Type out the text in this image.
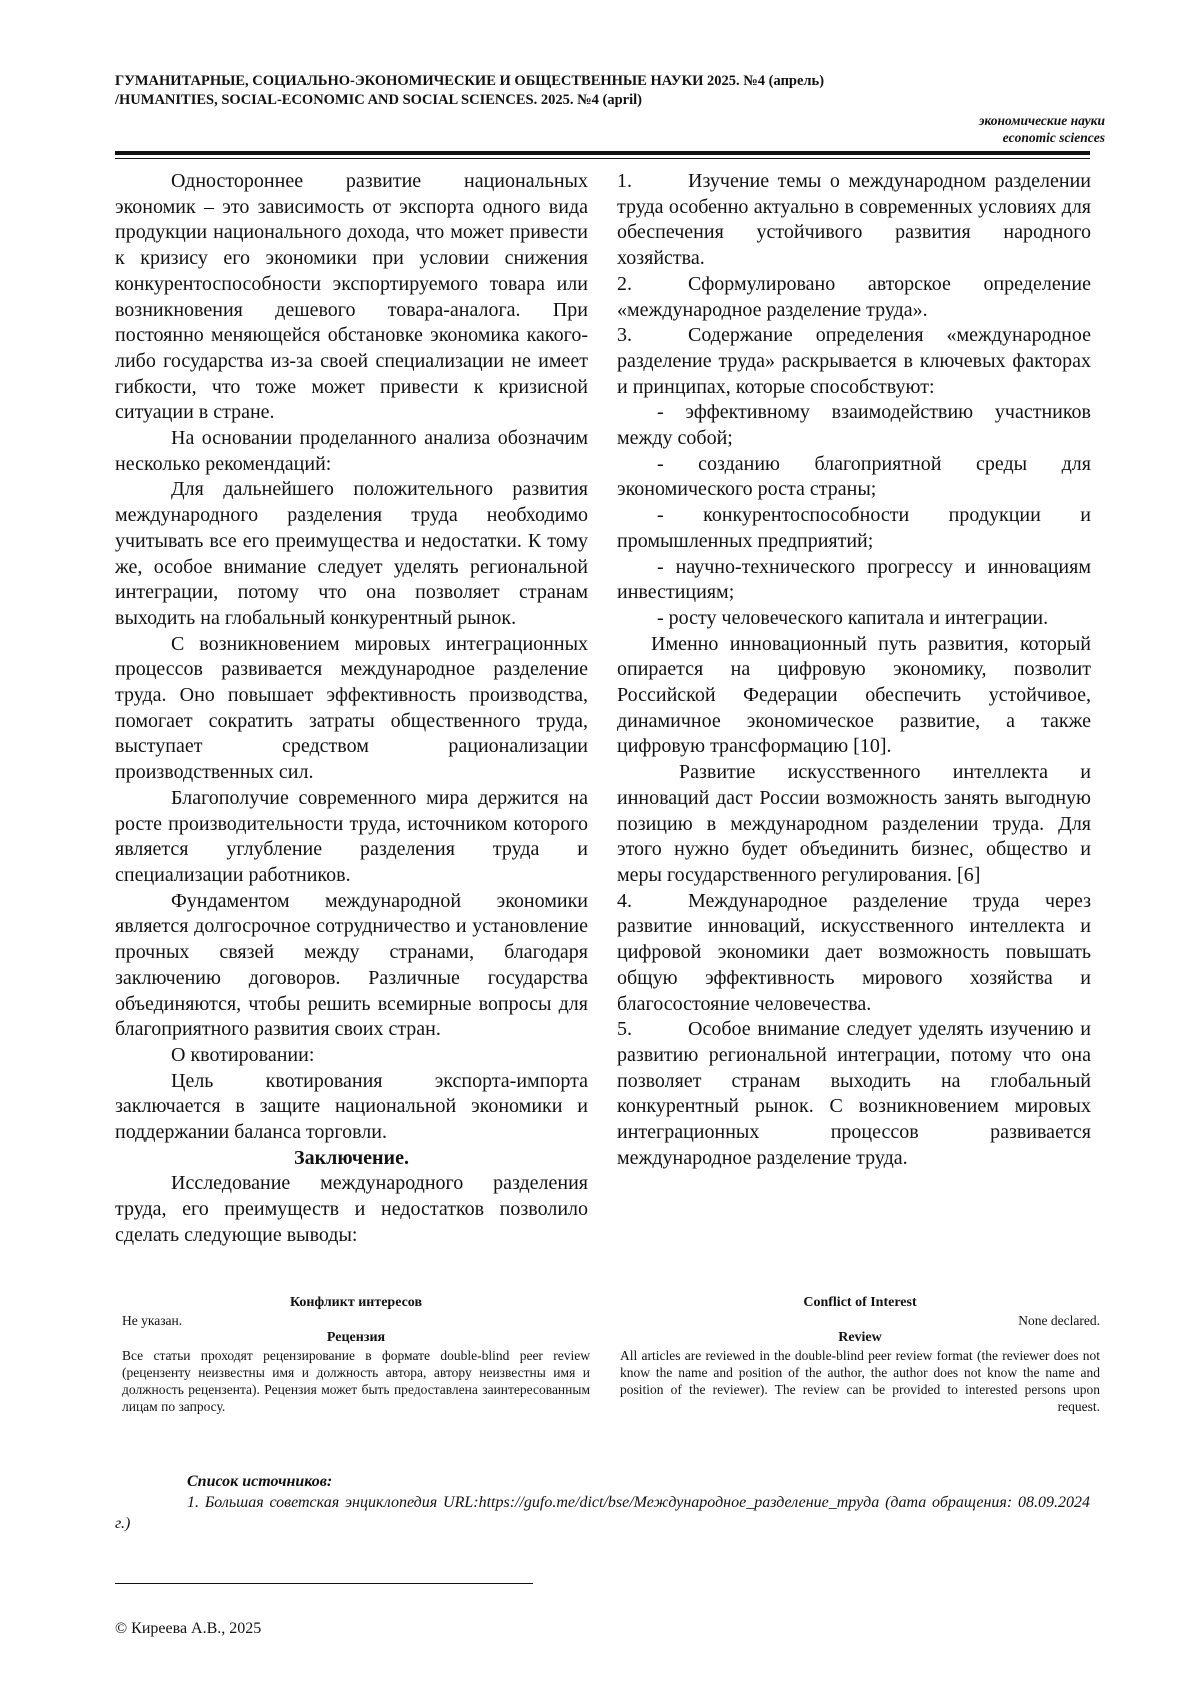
ГУМАНИТАРНЫЕ, СОЦИАЛЬНО-ЭКОНОМИЧЕСКИЕ И ОБЩЕСТВЕННЫЕ НАУКИ 2025. №4 (апрель)
/HUMANITIES, SOCIAL-ECONOMIC AND SOCIAL SCIENCES. 2025. №4 (april)
экономические науки
economic sciences

Одностороннее развитие национальных экономик – это зависимость от экспорта одного вида продукции национального дохода, что может привести к кризису его экономики при условии снижения конкурентоспособности экспортируемого товара или возникновения дешевого товара-аналога. При постоянно меняющейся обстановке экономика какого-либо государства из-за своей специализации не имеет гибкости, что тоже может привести к кризисной ситуации в стране.

На основании проделанного анализа обозначим несколько рекомендаций:

Для дальнейшего положительного развития международного разделения труда необходимо учитывать все его преимущества и недостатки. К тому же, особое внимание следует уделять региональной интеграции, потому что она позволяет странам выходить на глобальный конкурентный рынок.

С возникновением мировых интеграционных процессов развивается международное разделение труда. Оно повышает эффективность производства, помогает сократить затраты общественного труда, выступает средством рационализации производственных сил.

Благополучие современного мира держится на росте производительности труда, источником которого является углубление разделения труда и специализации работников.

Фундаментом международной экономики является долгосрочное сотрудничество и установление прочных связей между странами, благодаря заключению договоров. Различные государства объединяются, чтобы решить всемирные вопросы для благоприятного развития своих стран.

О квотировании:

Цель квотирования экспорта-импорта заключается в защите национальной экономики и поддержании баланса торговли.

Заключение.

Исследование международного разделения труда, его преимуществ и недостатков позволило сделать следующие выводы:

1.	Изучение темы о международном разделении труда особенно актуально в современных условиях для обеспечения устойчивого развития народного хозяйства.

2.	Сформулировано авторское определение «международное разделение труда».

3.	Содержание определения «международное разделение труда» раскрывается в ключевых факторах и принципах, которые способствуют:

- эффективному взаимодействию участников между собой;

- созданию благоприятной среды для экономического роста страны;

- конкурентоспособности продукции и промышленных предприятий;

- научно-технического прогрессу и инновациям инвестициям;

- росту человеческого капитала и интеграции.

Именно инновационный путь развития, который опирается на цифровую экономику, позволит Российской Федерации обеспечить устойчивое, динамичное экономическое развитие, а также цифровую трансформацию [10].

Развитие искусственного интеллекта и инноваций даст России возможность занять выгодную позицию в международном разделении труда. Для этого нужно будет объединить бизнес, общество и меры государственного регулирования. [6]

4.	Международное разделение труда через развитие инноваций, искусственного интеллекта и цифровой экономики дает возможность повышать общую эффективность мирового хозяйства и благосостояние человечества.

5.	Особое внимание следует уделять изучению и развитию региональной интеграции, потому что она позволяет странам выходить на глобальный конкурентный рынок. С возникновением мировых интеграционных процессов развивается международное разделение труда.

Конфликт интересов

Не указан.

Рецензия

Все статьи проходят рецензирование в формате double-blind peer review (рецензенту неизвестны имя и должность автора, автору неизвестны имя и должность рецензента). Рецензия может быть предоставлена заинтересованным лицам по запросу.

Conflict of Interest

None declared.

Review

All articles are reviewed in the double-blind peer review format (the reviewer does not know the name and position of the author, the author does not know the name and position of the reviewer). The review can be provided to interested persons upon request.

Список источников:

1. Большая советская энциклопедия URL:https://gufo.me/dict/bse/Международное_разделение_труда (дата обращения: 08.09.2024 г.)

© Киреева А.В., 2025
